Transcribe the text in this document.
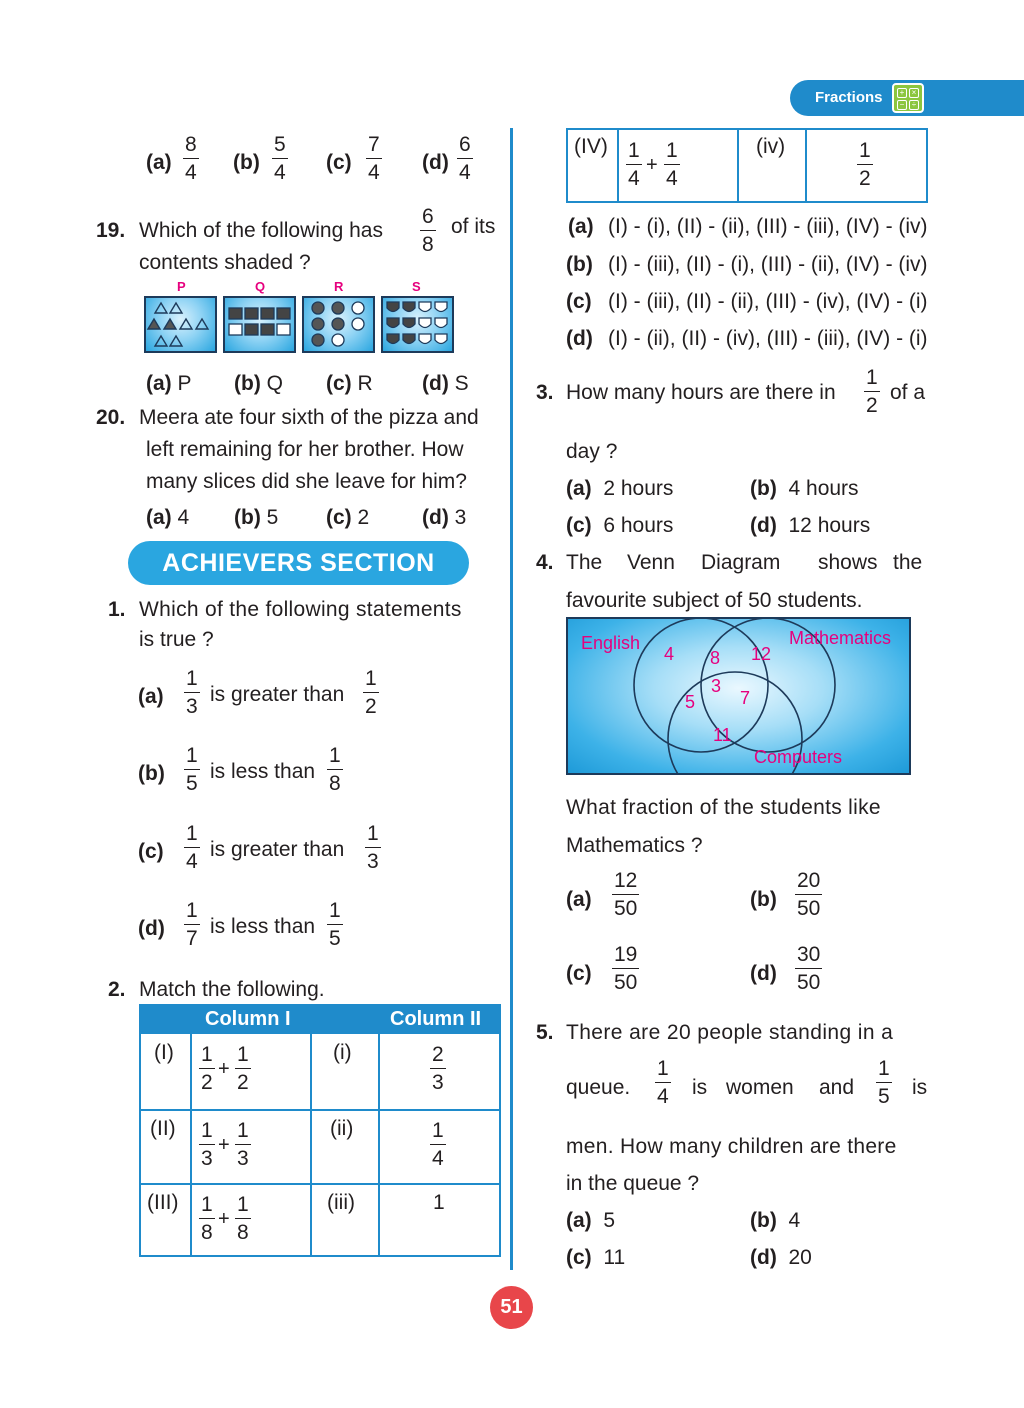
Fractions	+ ×
− ÷
$(a) \frac{8}{4} (b) \frac{5}{4} (c) \frac{7}{4} (d) \frac{6}{4}$
19. Which of the following has $\frac{6}{8}$ of its
contents shaded ?
P	Q	R	S
(a) P (b) Q (c) R (d) S
20. Meera ate four sixth of the pizza and
left remaining for her brother. How
many slices did she leave for him?
(a) 4 (b) 5 (c) 2	(d) 3
ACHIEVERS SECTION
1. Which of the following statements
is true ?
$(a) \frac{1}{3}$ is greater than $\frac{1}{2}$
$(b) \frac{1}{5}$ is less than $\frac{1}{8}$
$(c) \frac{1}{4}$ is greater than $\frac{1}{3}$
$(d) \frac{1}{7}$ is less than $\frac{1}{5}$
2. Match the following.
Column I	Column II
$(I) \frac{1}{2} + \frac{1}{2}$	(i)	$\frac{2}{3}$
$(II) \frac{1}{3} + \frac{1}{3}$	(ii)	$\frac{1}{4}$
$(III) \frac{1}{8} + \frac{1}{8}$	(iii)	1
51
$(IV) \frac{1}{4} + \frac{1}{4}$	(iv)	$\frac{1}{2}$
(a) (I) - (i), (II) - (ii), (III) - (iii), (IV) - (iv)
(b) (I) - (iii), (II) - (i), (III) - (ii), (IV) - (iv)
(c) (I) - (iii), (II) - (ii), (III) - (iv), (IV) - (i)
(d) (I) - (ii), (II) - (iv), (III) - (iii), (IV) - (i)
3. How many hours are there in $\frac{1}{2}$ of a
day ?
(a) 2 hours	(b) 4 hours
(c) 6 hours	(d) 12 hours
4. The Venn Diagram shows the
favourite subject of 50 students.
English	Mathematics
Computers
4 8 12
3
5 7
11
What fraction of the students like
Mathematics ?
$(a) \frac{12}{50}$	$(b) \frac{20}{50}$
$(c) \frac{19}{50}$	$(d) \frac{30}{50}$
5. There are 20 people standing in a
queue. $\frac{1}{4}$ is women and $\frac{1}{5}$ is
men. How many children are there
in the queue ?
(a) 5	(b) 4
(c) 11	(d) 20
